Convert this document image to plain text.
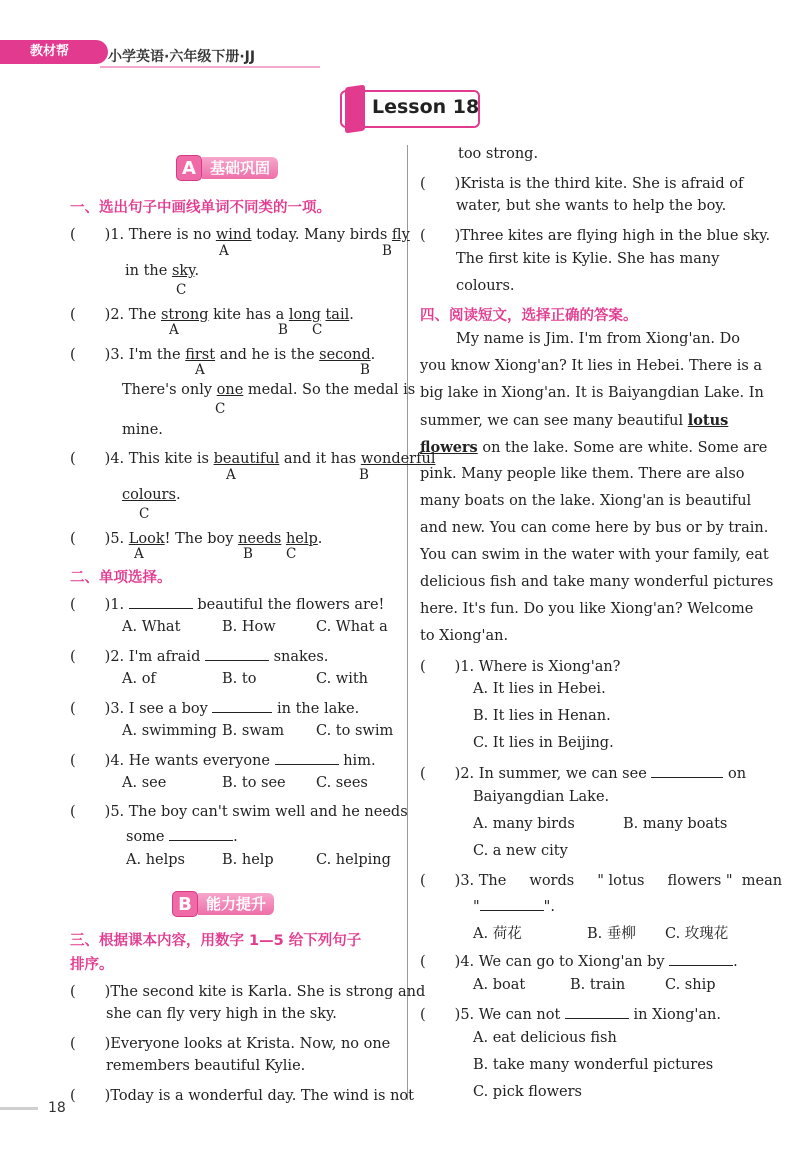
教材帮	小学英语·六年级下册·JJ
Lesson 18
A 基础巩固
一、选出句子中画线单词不同类的一项。
(　　)1. There is no wind today. Many birds fly
A	B
in the sky.
C
(　　)2. The strong kite has a long tail.
A	B C
(　　)3. I'm the first and he is the second.
A	B
There's only one medal. So the medal is
C
mine.
(　　)4. This kite is beautiful and it has wonderful
A	B
colours.
C
(　　)5. Look! The boy needs help.
A	B C
二、单项选择。
(　　)1.	beautiful the flowers are!
A. What	B. How	C. What a
(　　)2. I'm afraid	snakes.
A. of	B. to	C. with
(　　)3. I see a boy	in the lake.
A. swimming B. swam C. to swim
(　　)4. He wants everyone	him.
A. see	B. to see C. sees
(　　)5. The boy can't swim well and he needs
some	.
A. helps	B. help	C. helping
B 能力提升
三、根据课本内容，用数字 1—5 给下列句子
排序。
(　　)The second kite is Karla. She is strong and
she can fly very high in the sky.
(　　)Everyone looks at Krista. Now, no one
remembers beautiful Kylie.
(　　)Today is a wonderful day. The wind is not
too strong.
(　　)Krista is the third kite. She is afraid of
water, but she wants to help the boy.
(　　)Three kites are flying high in the blue sky.
The first kite is Kylie. She has many
colours.
四、阅读短文，选择正确的答案。
My name is Jim. I'm from Xiong'an. Do
you know Xiong'an? It lies in Hebei. There is a
big lake in Xiong'an. It is Baiyangdian Lake. In
summer, we can see many beautiful lotus
flowers on the lake. Some are white. Some are
pink. Many people like them. There are also
many boats on the lake. Xiong'an is beautiful
and new. You can come here by bus or by train.
You can swim in the water with your family, eat
delicious fish and take many wonderful pictures
here. It's fun. Do you like Xiong'an? Welcome
to Xiong'an.
(　　)1. Where is Xiong'an?
A. It lies in Hebei.
B. It lies in Henan.
C. It lies in Beijing.
(　　)2. In summer, we can see	on
Baiyangdian Lake.
A. many birds	B. many boats
C. a new city
(　　)3. The     words     " lotus     flowers "  mean
"	".
A. 荷花	B. 垂柳 C. 玫瑰花
(　　)4. We can go to Xiong'an by	.
A. boat	B. train	C. ship
(　　)5. We can not	in Xiong'an.
A. eat delicious fish
B. take many wonderful pictures
C. pick flowers
18
